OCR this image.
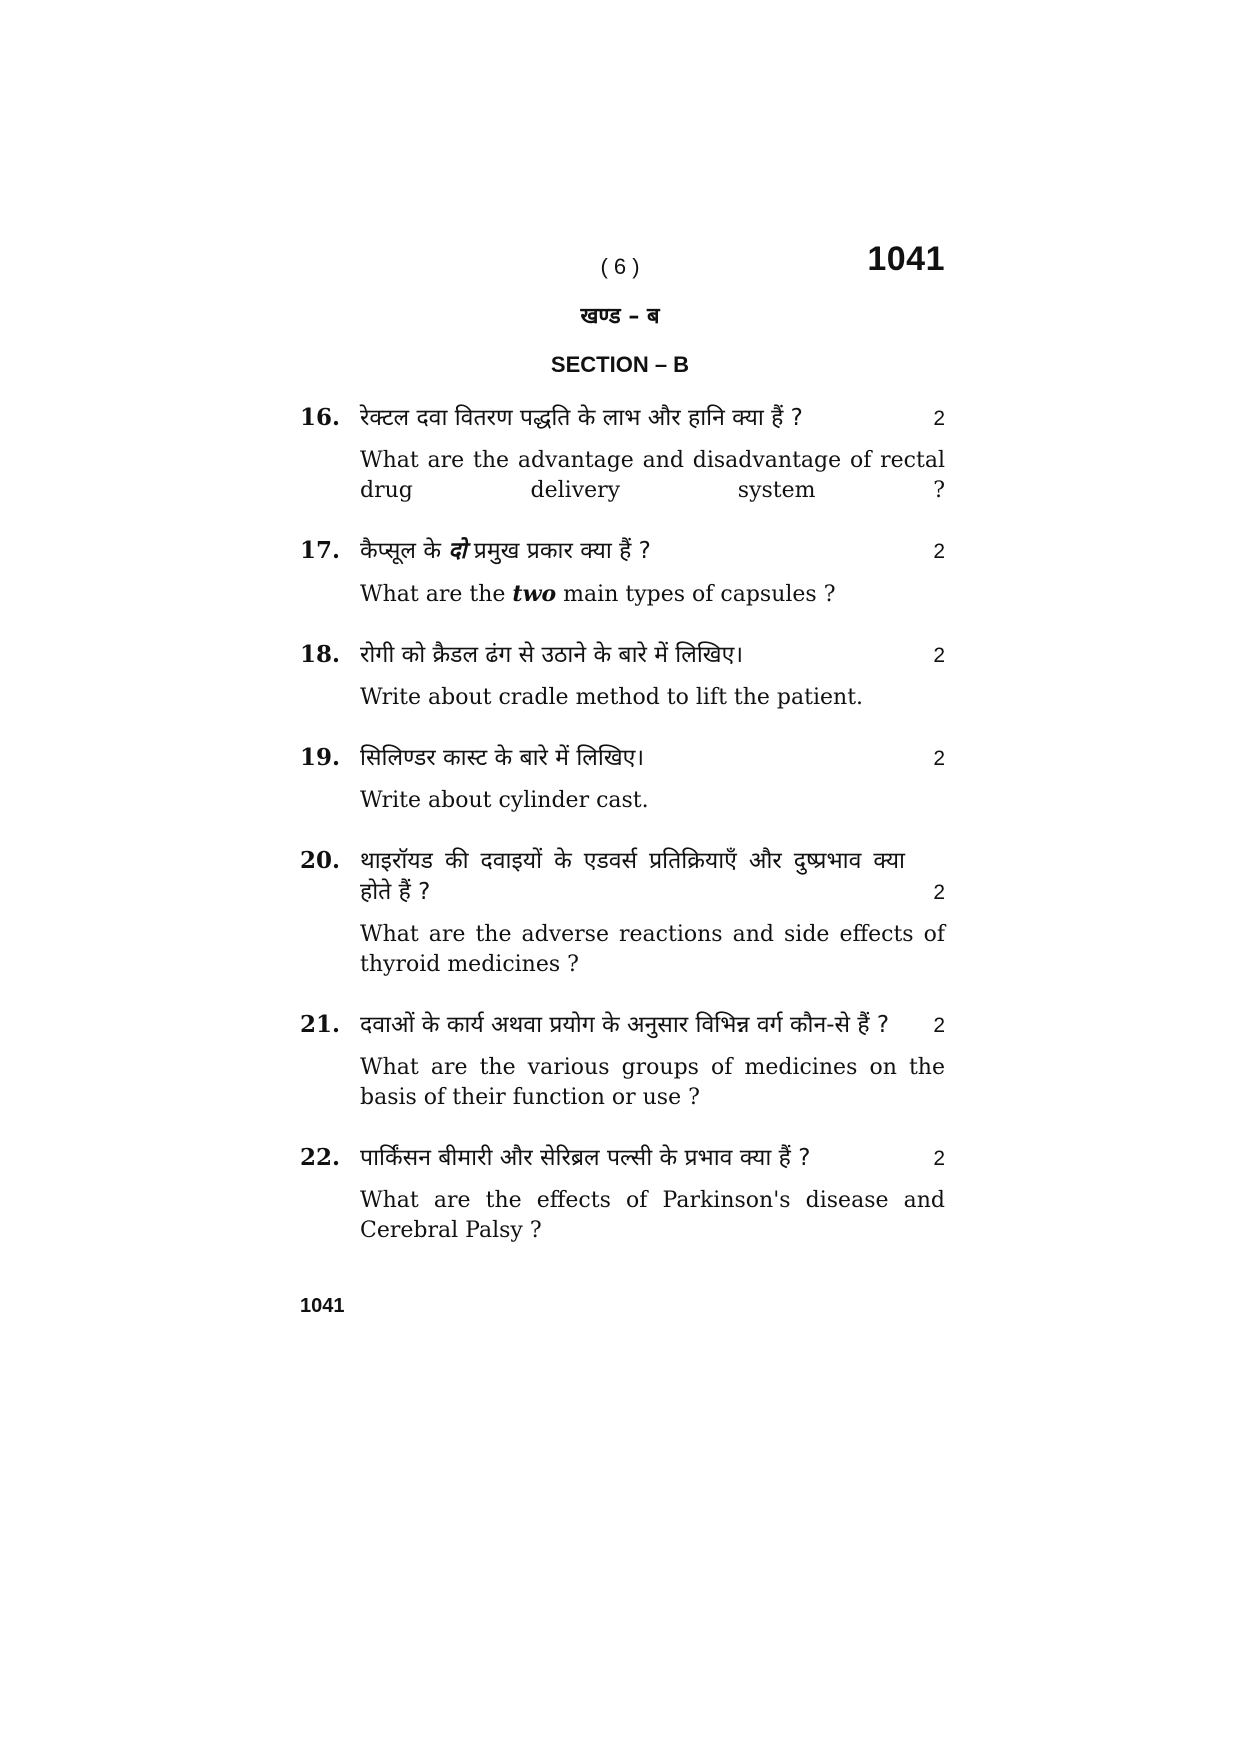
( 6 )	1041
खण्ड – ब
SECTION – B
16. रेक्टल दवा वितरण पद्धति के लाभ और हानि क्या हैं ?	2
What are the advantage and disadvantage of rectal drug delivery system ?
17. कैप्सूल के दो प्रमुख प्रकार क्या हैं ?	2
What are the two main types of capsules ?
18. रोगी को क्रैडल ढंग से उठाने के बारे में लिखिए।	2
Write about cradle method to lift the patient.
19. सिलिण्डर कास्ट के बारे में लिखिए।	2
Write about cylinder cast.
20. थाइरॉयड की दवाइयों के एडवर्स प्रतिक्रियाएँ और दुष्प्रभाव क्या होते हैं ?	2
What are the adverse reactions and side effects of thyroid medicines ?
21. दवाओं के कार्य अथवा प्रयोग के अनुसार विभिन्न वर्ग कौन-से हैं ? 2
What are the various groups of medicines on the basis of their function or use ?
22. पार्किंसन बीमारी और सेरिब्रल पल्सी के प्रभाव क्या हैं ?	2
What are the effects of Parkinson's disease and Cerebral Palsy ?
1041
